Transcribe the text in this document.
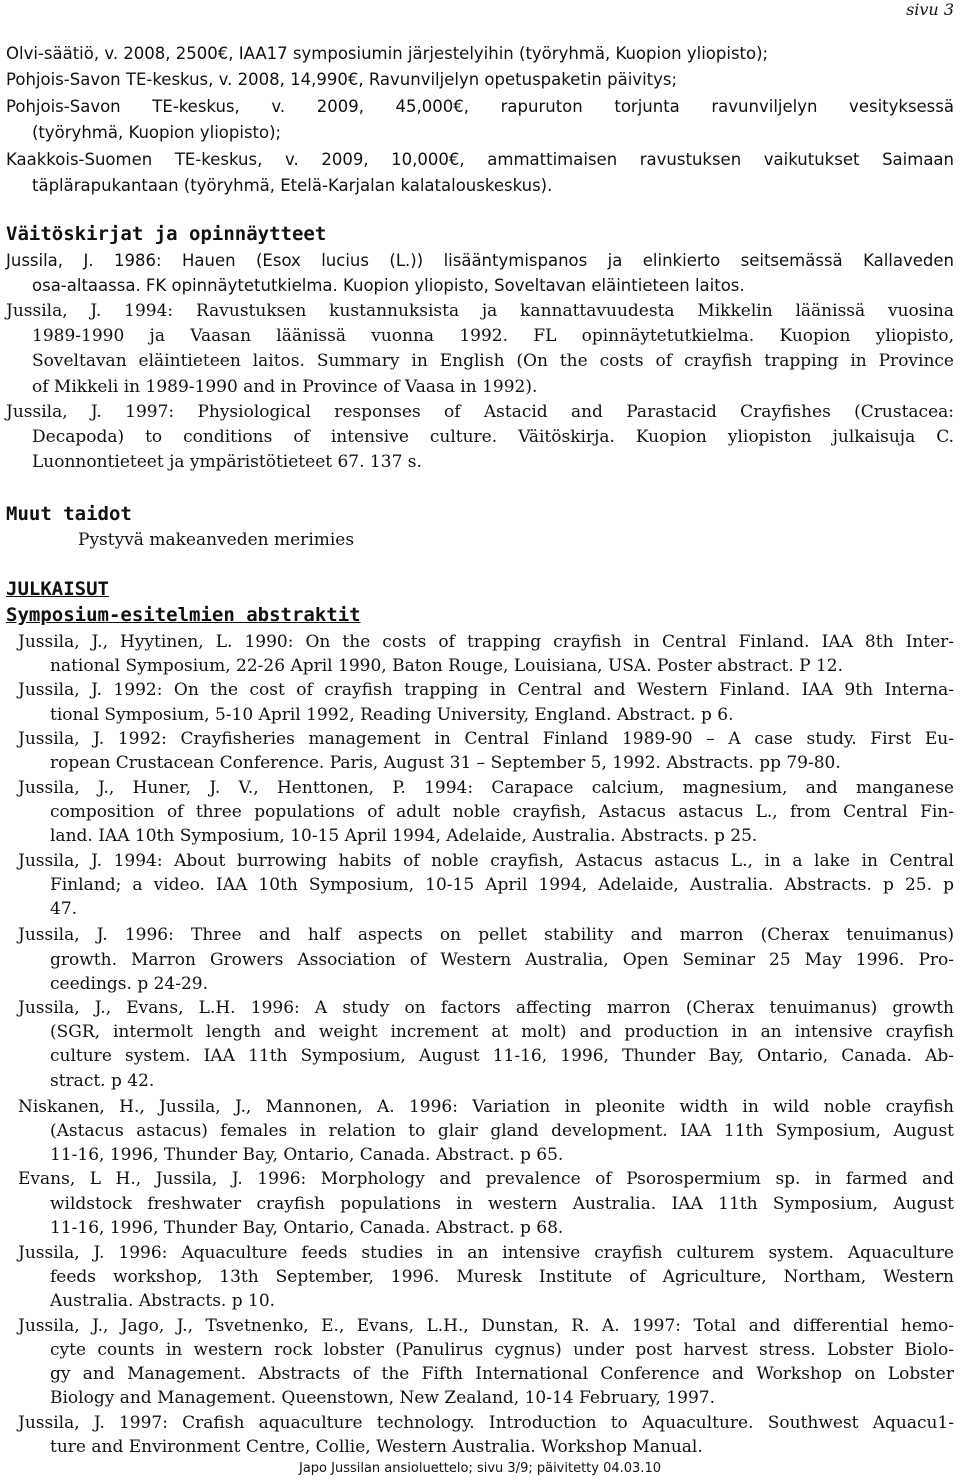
sivu 3
Olvi-säätiö, v. 2008, 2500€, IAA17 symposiumin järjestelyihin (työryhmä, Kuopion yliopisto);
Pohjois-Savon TE-keskus, v. 2008, 14,990€, Ravunviljelyn opetuspaketin päivitys;
Pohjois-Savon TE-keskus, v. 2009, 45,000€, rapuruton torjunta ravunviljelyn vesityksessä
(työryhmä, Kuopion yliopisto);
Kaakkois-Suomen TE-keskus, v. 2009, 10,000€, ammattimaisen ravustuksen vaikutukset Saimaan
täplärapukantaan (työryhmä, Etelä-Karjalan kalatalouskeskus).
Väitöskirjat ja opinnäytteet
Jussila, J. 1986: Hauen (Esox lucius (L.)) lisääntymispanos ja elinkierto seitsemässä Kallaveden
osa-altaassa. FK opinnäytetutkielma. Kuopion yliopisto, Soveltavan eläintieteen laitos.
Jussila, J. 1994: Ravustuksen kustannuksista ja kannattavuudesta Mikkelin läänissä vuosina
1989-1990 ja Vaasan läänissä vuonna 1992. FL opinnäytetutkielma. Kuopion yliopisto,
Soveltavan eläintieteen laitos. Summary in English (On the costs of crayfish trapping in Province
of Mikkeli in 1989-1990 and in Province of Vaasa in 1992).
Jussila, J. 1997: Physiological responses of Astacid and Parastacid Crayfishes (Crustacea:
Decapoda) to conditions of intensive culture. Väitöskirja. Kuopion yliopiston julkaisuja C.
Luonnontieteet ja ympäristötieteet 67. 137 s.
Muut taidot
Pystyvä makeanveden merimies
JULKAISUT
Symposium-esitelmien abstraktit
Jussila, J., Hyytinen, L. 1990: On the costs of trapping crayfish in Central Finland. IAA 8th Inter-
national Symposium, 22-26 April 1990, Baton Rouge, Louisiana, USA. Poster abstract. P 12.
Jussila, J. 1992: On the cost of crayfish trapping in Central and Western Finland. IAA 9th Interna-
tional Symposium, 5-10 April 1992, Reading University, England. Abstract. p 6.
Jussila, J. 1992: Crayfisheries management in Central Finland 1989-90 – A case study. First Eu-
ropean Crustacean Conference. Paris, August 31 – September 5, 1992. Abstracts. pp 79-80.
Jussila, J., Huner, J. V., Henttonen, P. 1994: Carapace calcium, magnesium, and manganese
composition of three populations of adult noble crayfish, Astacus astacus L., from Central Fin-
land. IAA 10th Symposium, 10-15 April 1994, Adelaide, Australia. Abstracts. p 25.
Jussila, J. 1994: About burrowing habits of noble crayfish, Astacus astacus L., in a lake in Central
Finland; a video. IAA 10th Symposium, 10-15 April 1994, Adelaide, Australia. Abstracts. p 25. p
47.
Jussila, J. 1996: Three and half aspects on pellet stability and marron (Cherax tenuimanus)
growth. Marron Growers Association of Western Australia, Open Seminar 25 May 1996. Pro-
ceedings. p 24-29.
Jussila, J., Evans, L.H. 1996: A study on factors affecting marron (Cherax tenuimanus) growth
(SGR, intermolt length and weight increment at molt) and production in an intensive crayfish
culture system. IAA 11th Symposium, August 11-16, 1996, Thunder Bay, Ontario, Canada. Ab-
stract. p 42.
Niskanen, H., Jussila, J., Mannonen, A. 1996: Variation in pleonite width in wild noble crayfish
(Astacus astacus) females in relation to glair gland development. IAA 11th Symposium, August
11-16, 1996, Thunder Bay, Ontario, Canada. Abstract. p 65.
Evans, L H., Jussila, J. 1996: Morphology and prevalence of Psorospermium sp. in farmed and
wildstock freshwater crayfish populations in western Australia. IAA 11th Symposium, August
11-16, 1996, Thunder Bay, Ontario, Canada. Abstract. p 68.
Jussila, J. 1996: Aquaculture feeds studies in an intensive crayfish culturem system. Aquaculture
feeds workshop, 13th September, 1996. Muresk Institute of Agriculture, Northam, Western
Australia. Abstracts. p 10.
Jussila, J., Jago, J., Tsvetnenko, E., Evans, L.H., Dunstan, R. A. 1997: Total and differential hemo-
cyte counts in western rock lobster (Panulirus cygnus) under post harvest stress. Lobster Biolo-
gy and Management. Abstracts of the Fifth International Conference and Workshop on Lobster
Biology and Management. Queenstown, New Zealand, 10-14 February, 1997.
Jussila, J. 1997: Crafish aquaculture technology. Introduction to Aquaculture. Southwest Aquacu1-
ture and Environment Centre, Collie, Western Australia. Workshop Manual.
Japo Jussilan ansioluettelo; sivu 3/9; päivitetty 04.03.10
